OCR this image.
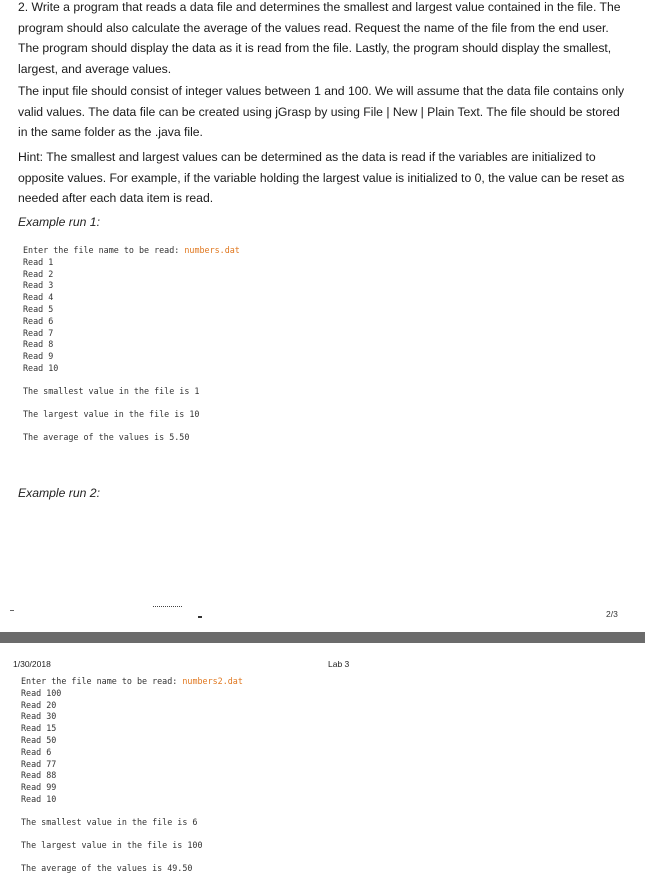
2. Write a program that reads a data file and determines the smallest and largest value contained in the file. The program should also calculate the average of the values read. Request the name of the file from the end user. The program should display the data as it is read from the file. Lastly, the program should display the smallest, largest, and average values.

The input file should consist of integer values between 1 and 100. We will assume that the data file contains only valid values. The data file can be created using jGrasp by using File | New | Plain Text. The file should be stored in the same folder as the .java file.

Hint: The smallest and largest values can be determined as the data is read if the variables are initialized to opposite values. For example, if the variable holding the largest value is initialized to 0, the value can be reset as needed after each data item is read.

Example run 1:

Enter the file name to be read: numbers.dat
Read 1
Read 2
Read 3
Read 4
Read 5
Read 6
Read 7
Read 8
Read 9
Read 10
The smallest value in the file is 1
The largest value in the file is 10
The average of the values is 5.50

Example run 2:

2/3
1/30/2018	Lab 3
Enter the file name to be read: numbers2.dat
Read 100
Read 20
Read 30
Read 15
Read 50
Read 6
Read 77
Read 88
Read 99
Read 10
The smallest value in the file is 6
The largest value in the file is 100
The average of the values is 49.50
